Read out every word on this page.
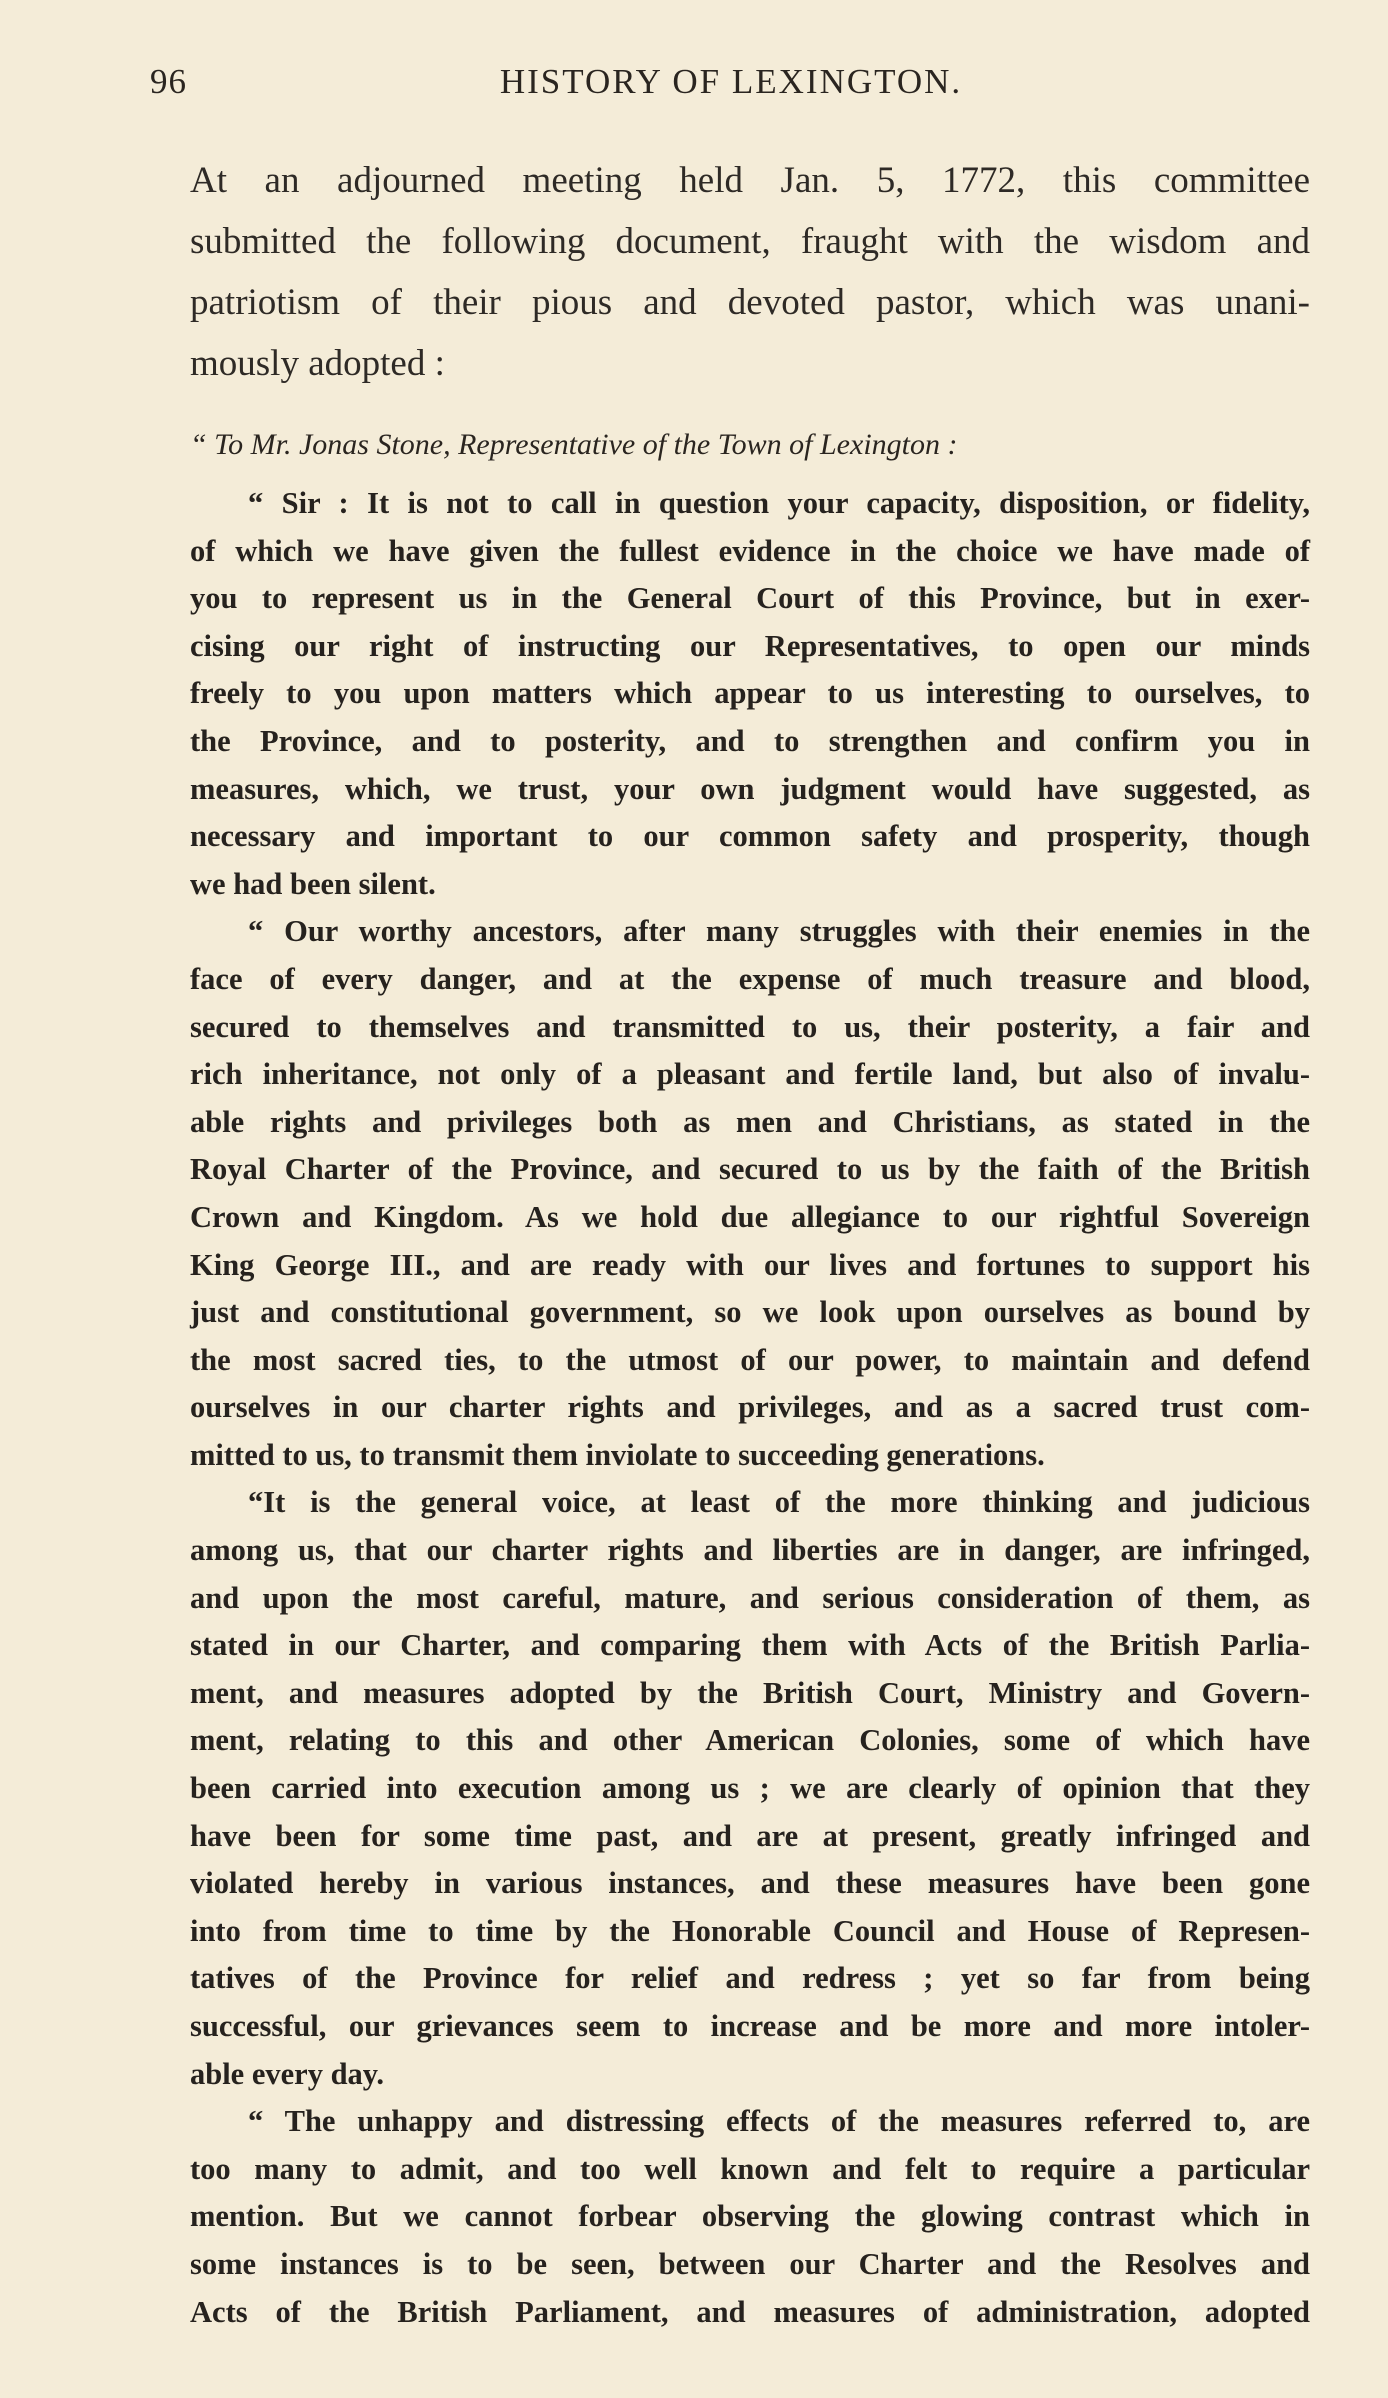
96	HISTORY OF LEXINGTON.
At an adjourned meeting held Jan. 5, 1772, this committee
submitted the following document, fraught with the wisdom and
patriotism of their pious and devoted pastor, which was unani-
mously adopted :
“ To Mr. Jonas Stone, Representative of the Town of Lexington :
“ Sir : It is not to call in question your capacity, disposition, or fidelity,
of which we have given the fullest evidence in the choice we have made of
you to represent us in the General Court of this Province, but in exer-
cising our right of instructing our Representatives, to open our minds
freely to you upon matters which appear to us interesting to ourselves, to
the Province, and to posterity, and to strengthen and confirm you in
measures, which, we trust, your own judgment would have suggested, as
necessary and important to our common safety and prosperity, though
we had been silent.
“ Our worthy ancestors, after many struggles with their enemies in the
face of every danger, and at the expense of much treasure and blood,
secured to themselves and transmitted to us, their posterity, a fair and
rich inheritance, not only of a pleasant and fertile land, but also of invalu-
able rights and privileges both as men and Christians, as stated in the
Royal Charter of the Province, and secured to us by the faith of the British
Crown and Kingdom. As we hold due allegiance to our rightful Sovereign
King George III., and are ready with our lives and fortunes to support his
just and constitutional government, so we look upon ourselves as bound by
the most sacred ties, to the utmost of our power, to maintain and defend
ourselves in our charter rights and privileges, and as a sacred trust com-
mitted to us, to transmit them inviolate to succeeding generations.
“It is the general voice, at least of the more thinking and judicious
among us, that our charter rights and liberties are in danger, are infringed,
and upon the most careful, mature, and serious consideration of them, as
stated in our Charter, and comparing them with Acts of the British Parlia-
ment, and measures adopted by the British Court, Ministry and Govern-
ment, relating to this and other American Colonies, some of which have
been carried into execution among us ; we are clearly of opinion that they
have been for some time past, and are at present, greatly infringed and
violated hereby in various instances, and these measures have been gone
into from time to time by the Honorable Council and House of Represen-
tatives of the Province for relief and redress ; yet so far from being
successful, our grievances seem to increase and be more and more intoler-
able every day.
“ The unhappy and distressing effects of the measures referred to, are
too many to admit, and too well known and felt to require a particular
mention. But we cannot forbear observing the glowing contrast which in
some instances is to be seen, between our Charter and the Resolves and
Acts of the British Parliament, and measures of administration, adopted
